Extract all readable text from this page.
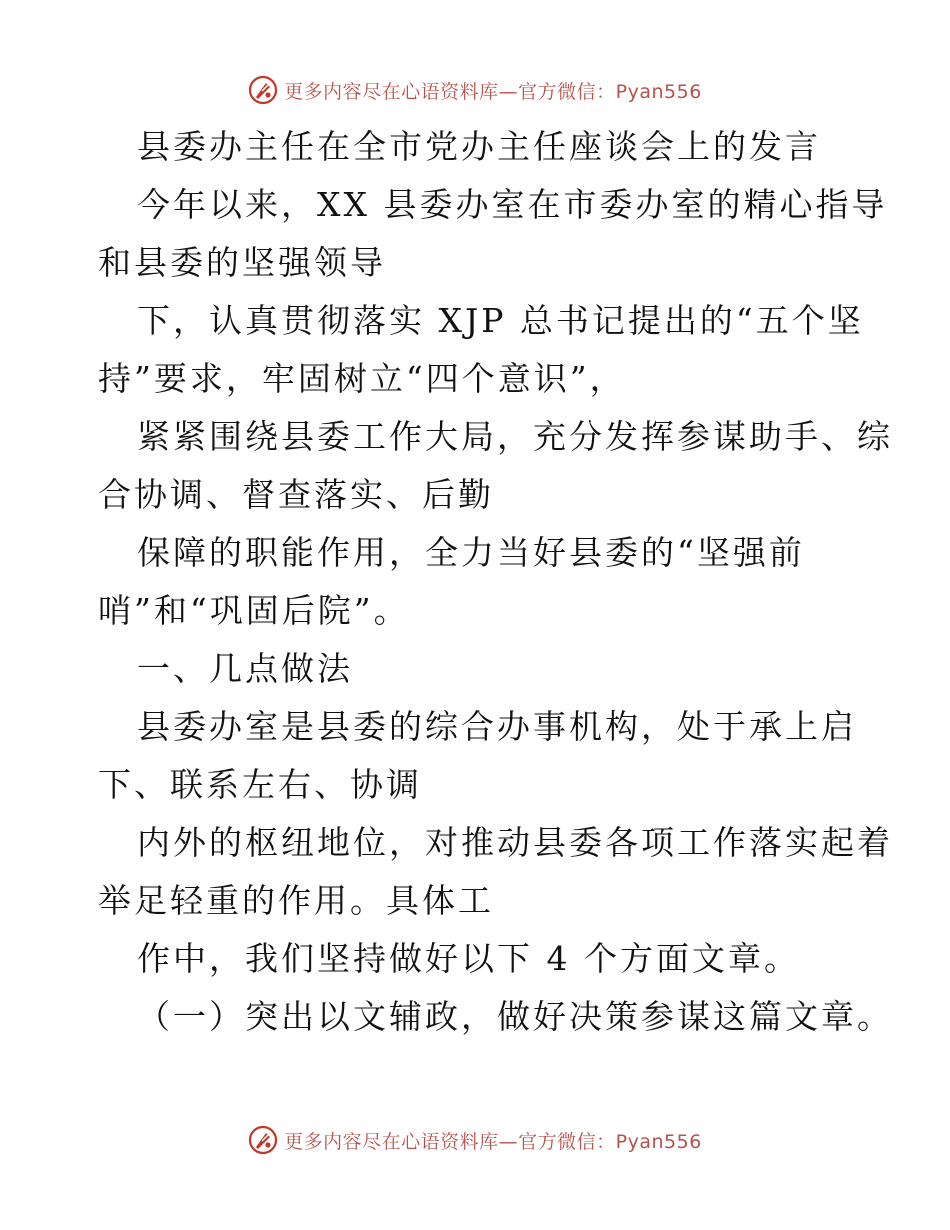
更多内容尽在心语资料库—官方微信：Pyan556
县委办主任在全市党办主任座谈会上的发言
今年以来，XX 县委办室在市委办室的精心指导
和县委的坚强领导
下，认真贯彻落实 XJP 总书记提出的“五个坚
持”要求，牢固树立“四个意识”，
紧紧围绕县委工作大局，充分发挥参谋助手、综
合协调、督查落实、后勤
保障的职能作用，全力当好县委的“坚强前
哨”和“巩固后院”。
一、几点做法
县委办室是县委的综合办事机构，处于承上启
下、联系左右、协调
内外的枢纽地位，对推动县委各项工作落实起着
举足轻重的作用。具体工
作中，我们坚持做好以下 4 个方面文章。
（一）突出以文辅政，做好决策参谋这篇文章。
更多内容尽在心语资料库—官方微信：Pyan556
